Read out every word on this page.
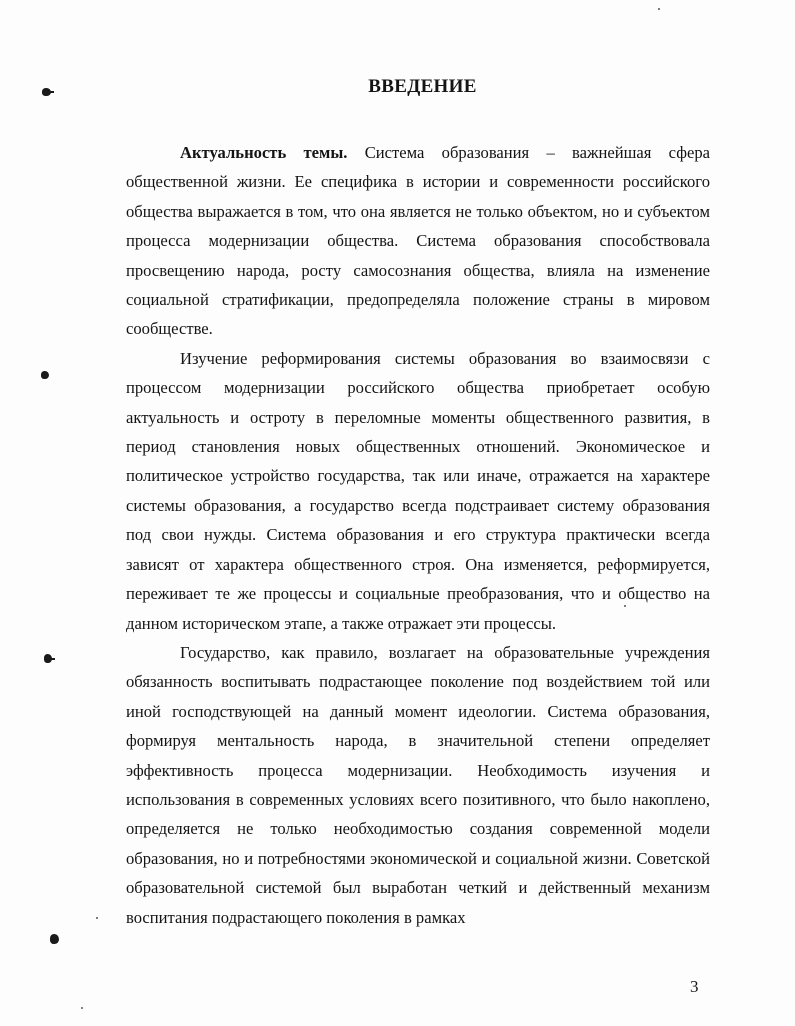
ВВЕДЕНИЕ

Актуальность темы. Система образования – важнейшая сфера общественной жизни. Ее специфика в истории и современности российского общества выражается в том, что она является не только объектом, но и субъектом процесса модернизации общества. Система образования способствовала просвещению народа, росту самосознания общества, влияла на изменение социальной стратификации, предопределяла положение страны в мировом сообществе.

Изучение реформирования системы образования во взаимосвязи с процессом модернизации российского общества приобретает особую актуальность и остроту в переломные моменты общественного развития, в период становления новых общественных отношений. Экономическое и политическое устройство государства, так или иначе, отражается на характере системы образования, а государство всегда подстраивает систему образования под свои нужды. Система образования и его структура практически всегда зависят от характера общественного строя. Она изменяется, реформируется, переживает те же процессы и социальные преобразования, что и общество на данном историческом этапе, а также отражает эти процессы.

Государство, как правило, возлагает на образовательные учреждения обязанность воспитывать подрастающее поколение под воздействием той или иной господствующей на данный момент идеологии. Система образования, формируя ментальность народа, в значительной степени определяет эффективность процесса модернизации. Необходимость изучения и использования в современных условиях всего позитивного, что было накоплено, определяется не только необходимостью создания современной модели образования, но и потребностями экономической и социальной жизни. Советской образовательной системой был выработан четкий и действенный механизм воспитания подрастающего поколения в рамках

3
